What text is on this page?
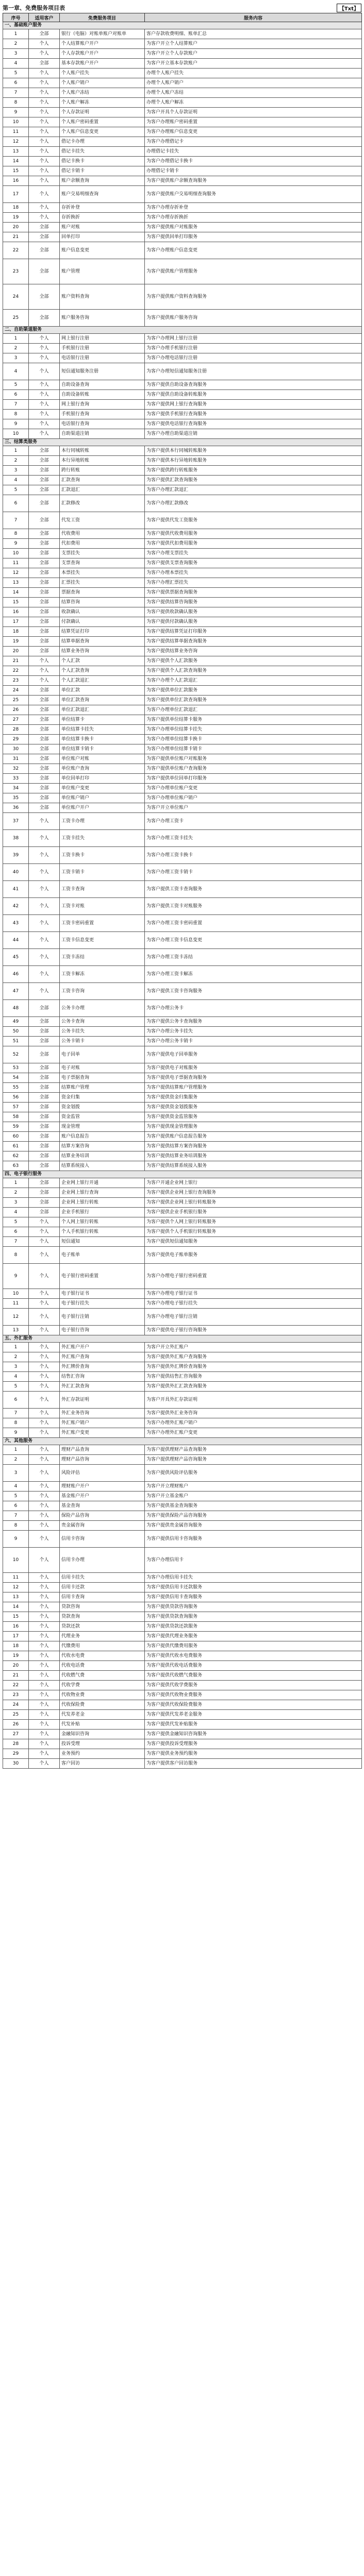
第一章、免费服务项目表	【Txt】
序号	适用客户	免费服务项目	服务内容
一、基础账户服务			
1	全部	银行（电脑）对账单账户对账单	客户存款收费明细、账单汇总
2	个人	个人结算账户开户	为客户开立个人结算账户
3	个人	个人存款账户开户	为客户开立个人存款账户
4	全部	基本存款账户开户	为客户开立基本存款账户
5	个人	个人账户挂失	办理个人账户挂失
6	个人	个人账户销户	办理个人账户销户
7	个人	个人账户冻结	办理个人账户冻结
8	个人	个人账户解冻	办理个人账户解冻
9	个人	个人存款证明	为客户开具个人存款证明
10	个人	个人账户密码重置	为客户办理账户密码重置
11	个人	个人账户信息变更	为客户办理账户信息变更
12	个人	借记卡办理	为客户办理借记卡
13	个人	借记卡挂失	办理借记卡挂失
14	个人	借记卡换卡	为客户办理借记卡换卡
15	个人	借记卡销卡	办理借记卡销卡
16	个人	账户余额查询	为客户提供账户余额查询服务
17	个人	账户交易明细查询	为客户提供账户交易明细查询服务
18	个人	存折补登	为客户办理存折补登
19	个人	存折换折	为客户办理存折换折
20	全部	账户对账	为客户提供账户对账服务
21	全部	回单打印	为客户提供回单打印服务
22	全部	账户信息变更	为客户办理账户信息变更
23	全部	账户管理	为客户提供账户管理服务
24	全部	账户资料查询	为客户提供账户资料查询服务
25	全部	账户服务咨询	为客户提供账户服务咨询
二、自助渠道服务			
1	个人	网上银行注册	为客户办理网上银行注册
2	个人	手机银行注册	为客户办理手机银行注册
3	个人	电话银行注册	为客户办理电话银行注册
4	个人	短信通知服务注册	为客户办理短信通知服务注册
5	个人	自助设备查询	为客户提供自助设备查询服务
6	个人	自助设备转账	为客户提供自助设备转账服务
7	个人	网上银行查询	为客户提供网上银行查询服务
8	个人	手机银行查询	为客户提供手机银行查询服务
9	个人	电话银行查询	为客户提供电话银行查询服务
10	个人	自助渠道注销	为客户办理自助渠道注销
三、结算类服务			
1	全部	本行同城转账	为客户提供本行同城转账服务
2	全部	本行异地转账	为客户提供本行异地转账服务
3	全部	跨行转账	为客户提供跨行转账服务
4	全部	汇款查询	为客户提供汇款查询服务
5	全部	汇款退汇	为客户办理汇款退汇
6	全部	汇款修改	为客户办理汇款修改
7	全部	代发工资	为客户提供代发工资服务
8	全部	代收费用	为客户提供代收费用服务
9	全部	代扣费用	为客户提供代扣费用服务
10	全部	支票挂失	为客户办理支票挂失
11	全部	支票查询	为客户提供支票查询服务
12	全部	本票挂失	为客户办理本票挂失
13	全部	汇票挂失	为客户办理汇票挂失
14	全部	票据查询	为客户提供票据查询服务
15	全部	结算咨询	为客户提供结算咨询服务
16	全部	收款确认	为客户提供收款确认服务
17	全部	付款确认	为客户提供付款确认服务
18	全部	结算凭证打印	为客户提供结算凭证打印服务
19	全部	结算单据查询	为客户提供结算单据查询服务
20	全部	结算业务咨询	为客户提供结算业务咨询
21	个人	个人汇款	为客户提供个人汇款服务
22	个人	个人汇款查询	为客户提供个人汇款查询服务
23	个人	个人汇款退汇	为客户办理个人汇款退汇
24	全部	单位汇款	为客户提供单位汇款服务
25	全部	单位汇款查询	为客户提供单位汇款查询服务
26	全部	单位汇款退汇	为客户办理单位汇款退汇
27	全部	单位结算卡	为客户提供单位结算卡服务
28	全部	单位结算卡挂失	为客户办理单位结算卡挂失
29	全部	单位结算卡换卡	为客户办理单位结算卡换卡
30	全部	单位结算卡销卡	为客户办理单位结算卡销卡
31	全部	单位账户对账	为客户提供单位账户对账服务
32	全部	单位账户查询	为客户提供单位账户查询服务
33	全部	单位回单打印	为客户提供单位回单打印服务
34	全部	单位账户变更	为客户办理单位账户变更
35	全部	单位账户销户	为客户办理单位账户销户
36	全部	单位账户开户	为客户开立单位账户
37	个人	工资卡办理	为客户办理工资卡
38	个人	工资卡挂失	为客户办理工资卡挂失
39	个人	工资卡换卡	为客户办理工资卡换卡
40	个人	工资卡销卡	为客户办理工资卡销卡
41	个人	工资卡查询	为客户提供工资卡查询服务
42	个人	工资卡对账	为客户提供工资卡对账服务
43	个人	工资卡密码重置	为客户办理工资卡密码重置
44	个人	工资卡信息变更	为客户办理工资卡信息变更
45	个人	工资卡冻结	为客户办理工资卡冻结
46	个人	工资卡解冻	为客户办理工资卡解冻
47	个人	工资卡咨询	为客户提供工资卡咨询服务
48	全部	公务卡办理	为客户办理公务卡
49	全部	公务卡查询	为客户提供公务卡查询服务
50	全部	公务卡挂失	为客户办理公务卡挂失
51	全部	公务卡销卡	为客户办理公务卡销卡
52	全部	电子回单	为客户提供电子回单服务
53	全部	电子对账	为客户提供电子对账服务
54	全部	电子票据查询	为客户提供电子票据查询服务
55	全部	结算账户管理	为客户提供结算账户管理服务
56	全部	资金归集	为客户提供资金归集服务
57	全部	资金划拨	为客户提供资金划拨服务
58	全部	资金监管	为客户提供资金监管服务
59	全部	现金管理	为客户提供现金管理服务
60	全部	账户信息报告	为客户提供账户信息报告服务
61	全部	结算方案咨询	为客户提供结算方案咨询服务
62	全部	结算业务培训	为客户提供结算业务培训服务
63	全部	结算系统接入	为客户提供结算系统接入服务
四、电子银行服务			
1	全部	企业网上银行开通	为客户开通企业网上银行
2	全部	企业网上银行查询	为客户提供企业网上银行查询服务
3	全部	企业网上银行转账	为客户提供企业网上银行转账服务
4	全部	企业手机银行	为客户提供企业手机银行服务
5	个人	个人网上银行转账	为客户提供个人网上银行转账服务
6	个人	个人手机银行转账	为客户提供个人手机银行转账服务
7	个人	短信通知	为客户提供短信通知服务
8	个人	电子账单	为客户提供电子账单服务
9	个人	电子银行密码重置	为客户办理电子银行密码重置
10	个人	电子银行证书	为客户办理电子银行证书
11	个人	电子银行挂失	为客户办理电子银行挂失
12	个人	电子银行注销	为客户办理电子银行注销
13	个人	电子银行咨询	为客户提供电子银行咨询服务
五、外汇服务			
1	个人	外汇账户开户	为客户开立外汇账户
2	个人	外汇账户查询	为客户提供外汇账户查询服务
3	个人	外汇牌价查询	为客户提供外汇牌价查询服务
4	个人	结售汇咨询	为客户提供结售汇咨询服务
5	个人	外汇汇款查询	为客户提供外汇汇款查询服务
6	个人	外汇存款证明	为客户开具外汇存款证明
7	个人	外汇业务咨询	为客户提供外汇业务咨询
8	个人	外汇账户销户	为客户办理外汇账户销户
9	个人	外汇账户变更	为客户办理外汇账户变更
六、其他服务			
1	个人	理财产品查询	为客户提供理财产品查询服务
2	个人	理财产品咨询	为客户提供理财产品咨询服务
3	个人	风险评估	为客户提供风险评估服务
4	个人	理财账户开户	为客户开立理财账户
5	个人	基金账户开户	为客户开立基金账户
6	个人	基金查询	为客户提供基金查询服务
7	个人	保险产品咨询	为客户提供保险产品咨询服务
8	个人	贵金属咨询	为客户提供贵金属咨询服务
9	个人	信用卡咨询	为客户提供信用卡咨询服务
10	个人	信用卡办理	为客户办理信用卡
11	个人	信用卡挂失	为客户办理信用卡挂失
12	个人	信用卡还款	为客户提供信用卡还款服务
13	个人	信用卡查询	为客户提供信用卡查询服务
14	个人	贷款咨询	为客户提供贷款咨询服务
15	个人	贷款查询	为客户提供贷款查询服务
16	个人	贷款还款	为客户提供贷款还款服务
17	个人	代理业务	为客户提供代理业务服务
18	个人	代缴费用	为客户提供代缴费用服务
19	个人	代收水电费	为客户提供代收水电费服务
20	个人	代收电话费	为客户提供代收电话费服务
21	个人	代收燃气费	为客户提供代收燃气费服务
22	个人	代收学费	为客户提供代收学费服务
23	个人	代收物业费	为客户提供代收物业费服务
24	个人	代收保险费	为客户提供代收保险费服务
25	个人	代发养老金	为客户提供代发养老金服务
26	个人	代发补贴	为客户提供代发补贴服务
27	个人	金融知识咨询	为客户提供金融知识咨询服务
28	个人	投诉受理	为客户提供投诉受理服务
29	个人	业务预约	为客户提供业务预约服务
30	个人	客户回访	为客户提供客户回访服务
